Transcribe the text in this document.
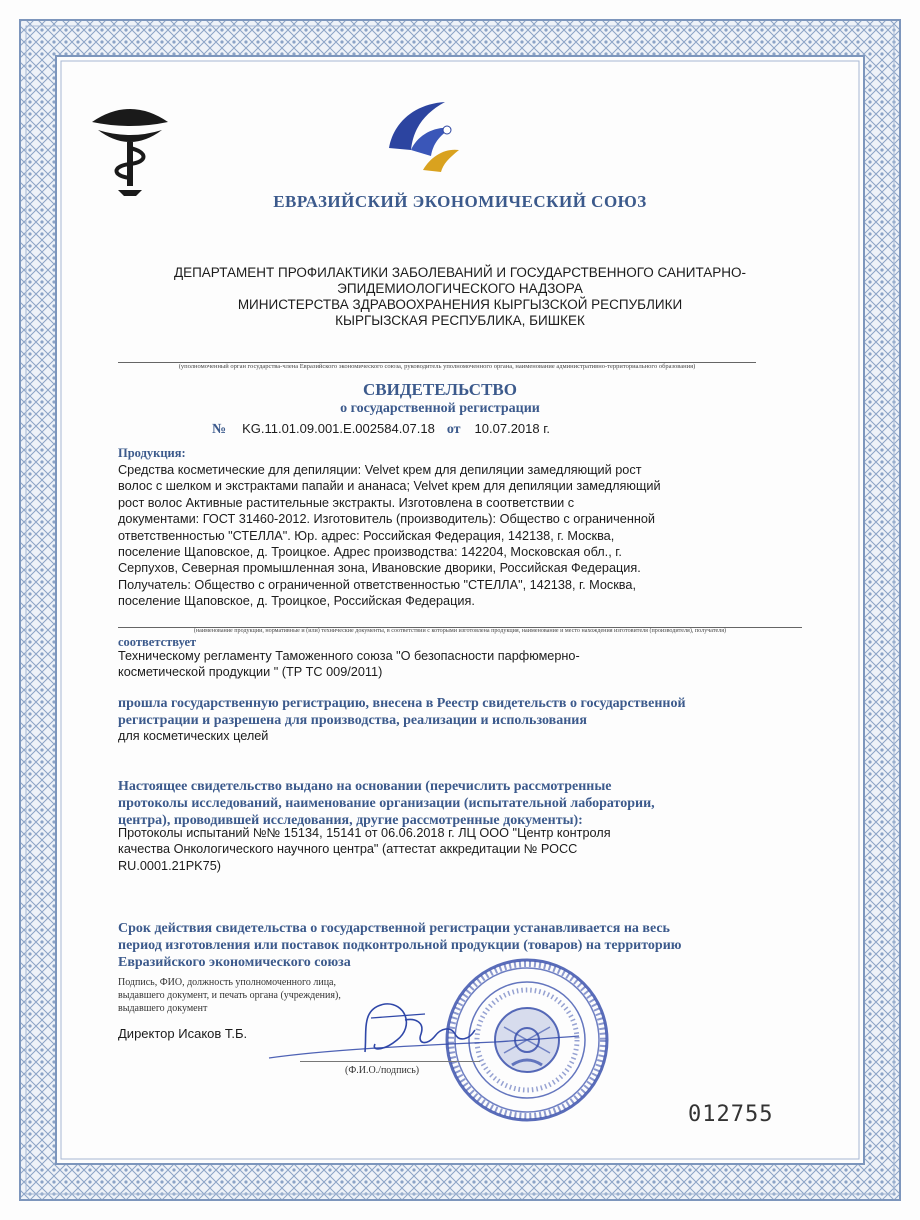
ЕВРАЗИЙСКИЙ ЭКОНОМИЧЕСКИЙ СОЮЗ
ДЕПАРТАМЕНТ ПРОФИЛАКТИКИ ЗАБОЛЕВАНИЙ И ГОСУДАРСТВЕННОГО САНИТАРНО-
ЭПИДЕМИОЛОГИЧЕСКОГО НАДЗОРА
МИНИСТЕРСТВА ЗДРАВООХРАНЕНИЯ КЫРГЫЗСКОЙ РЕСПУБЛИКИ
КЫРГЫЗСКАЯ РЕСПУБЛИКА, БИШКЕК
(уполномоченный орган государства-члена Евразийского экономического союза, руководитель уполномоченного органа, наименование административно-территориального образования)
СВИДЕТЕЛЬСТВО
о государственной регистрации
№ KG.11.01.09.001.E.002584.07.18 от 10.07.2018 г.
Продукция:
Средства косметические для депиляции: Velvet крем для депиляции замедляющий рост
волос с шелком и экстрактами папайи и ананаса; Velvet крем для депиляции замедляющий
рост волос Активные растительные экстракты. Изготовлена в соответствии с
документами: ГОСТ 31460-2012. Изготовитель (производитель): Общество с ограниченной
ответственностью "СТЕЛЛА". Юр. адрес: Российская Федерация, 142138, г. Москва,
поселение Щаповское, д. Троицкое. Адрес производства: 142204, Московская обл., г.
Серпухов, Северная промышленная зона, Ивановские дворики, Российская Федерация.
Получатель: Общество с ограниченной ответственностью "СТЕЛЛА", 142138, г. Москва,
поселение Щаповское, д. Троицкое, Российская Федерация.
(наименование продукции, нормативные и (или) технические документы, в соответствии с которыми изготовлена продукция, наименование и место нахождения изготовителя (производителя), получателя)
соответствует
Техническому регламенту Таможенного союза "О безопасности парфюмерно-
косметической продукции " (ТР ТС 009/2011)
прошла государственную регистрацию, внесена в Реестр свидетельств о государственной
регистрации и разрешена для производства, реализации и использования
для косметических целей
Настоящее свидетельство выдано на основании (перечислить рассмотренные
протоколы исследований, наименование организации (испытательной лаборатории,
центра), проводившей исследования, другие рассмотренные документы):
Протоколы испытаний №№ 15134, 15141 от 06.06.2018 г. ЛЦ ООО "Центр контроля
качества Онкологического научного центра" (аттестат аккредитации № РОСС
RU.0001.21PK75)
Срок действия свидетельства о государственной регистрации устанавливается на весь
период изготовления или поставок подконтрольной продукции (товаров) на территорию
Евразийского экономического союза
Подпись, ФИО, должность уполномоченного лица,
выдавшего документ, и печать органа (учреждения),
выдавшего документ
Директор Исаков Т.Б.
(Ф.И.О./подпись)
012755
